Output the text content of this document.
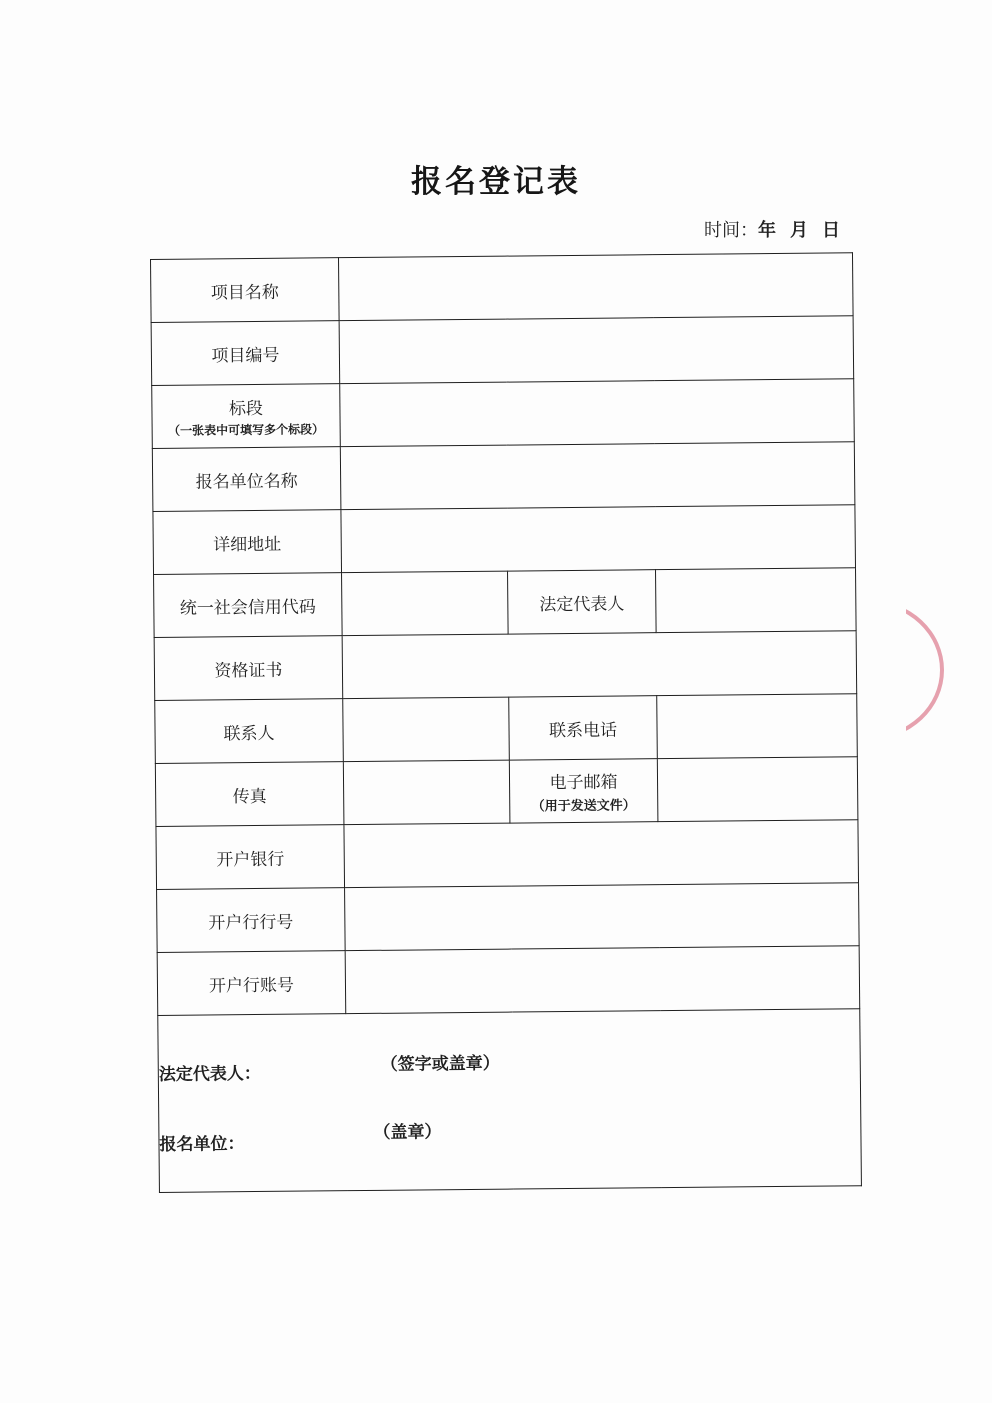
报名登记表
时间：年 月 日
项目名称			
项目编号			
标段
（一张表中可填写多个标段）			

报名单位名称			
详细地址			
统一社会信用代码		法定代表人	
资格证书			
联系人		联系电话	
传真		电子邮箱
（用于发送文件）	

开户银行			
开户行行号			
开户行账号			

法定代表人： （签字或盖章）
报名单位：
（盖章）			
